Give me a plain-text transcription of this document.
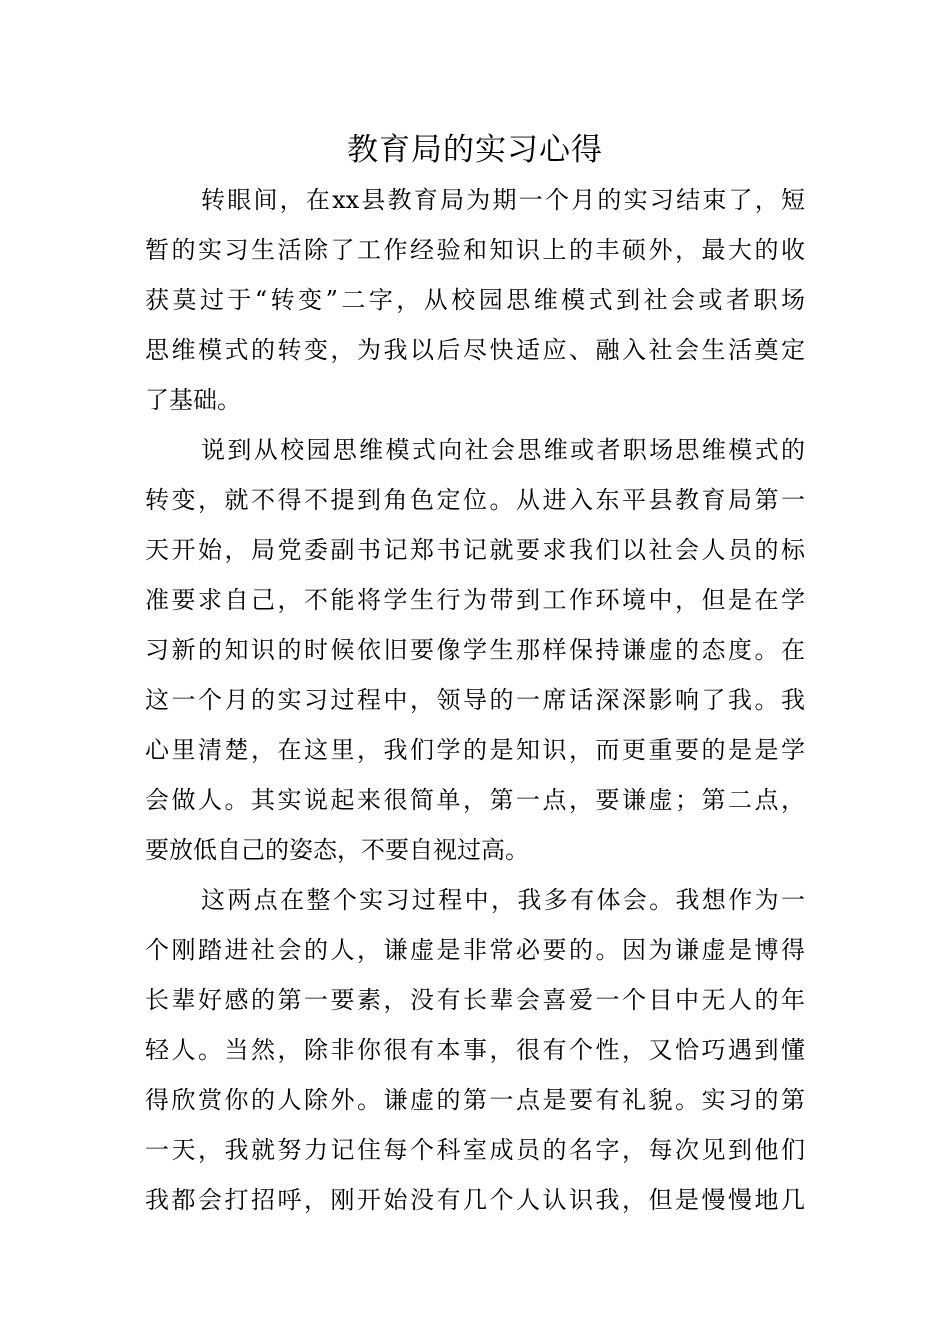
教育局的实习心得
转眼间，在xx县教育局为期一个月的实习结束了，短
暂的实习生活除了工作经验和知识上的丰硕外，最大的收
获莫过于“转变”二字，从校园思维模式到社会或者职场
思维模式的转变，为我以后尽快适应、融入社会生活奠定
了基础。
说到从校园思维模式向社会思维或者职场思维模式的
转变，就不得不提到角色定位。从进入东平县教育局第一
天开始，局党委副书记郑书记就要求我们以社会人员的标
准要求自己，不能将学生行为带到工作环境中，但是在学
习新的知识的时候依旧要像学生那样保持谦虚的态度。在
这一个月的实习过程中，领导的一席话深深影响了我。我
心里清楚，在这里，我们学的是知识，而更重要的是是学
会做人。其实说起来很简单，第一点，要谦虚；第二点，
要放低自己的姿态，不要自视过高。
这两点在整个实习过程中，我多有体会。我想作为一
个刚踏进社会的人，谦虚是非常必要的。因为谦虚是博得
长辈好感的第一要素，没有长辈会喜爱一个目中无人的年
轻人。当然，除非你很有本事，很有个性，又恰巧遇到懂
得欣赏你的人除外。谦虚的第一点是要有礼貌。实习的第
一天，我就努力记住每个科室成员的名字，每次见到他们
我都会打招呼，刚开始没有几个人认识我，但是慢慢地几
